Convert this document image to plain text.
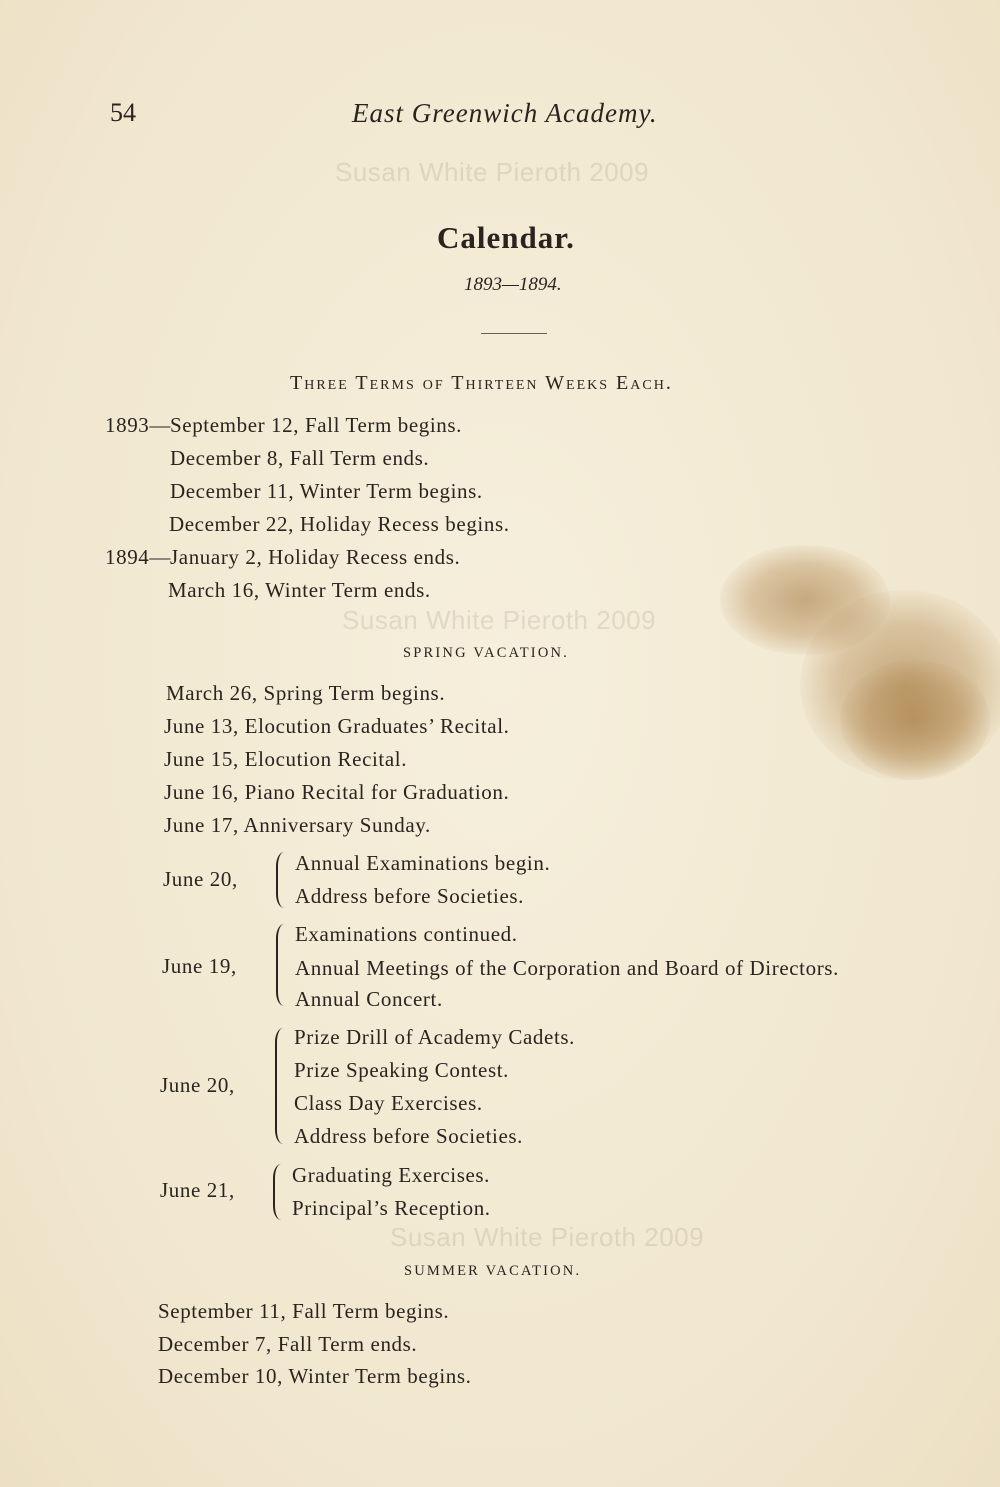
Susan White Pieroth 2009
Susan White Pieroth 2009
Susan White Pieroth 2009
54	East Greenwich Academy.
Calendar.
1893—1894.
Three Terms of Thirteen Weeks Each.
1893— September 12, Fall Term begins.
December 8, Fall Term ends.
December 11, Winter Term begins.
December 22, Holiday Recess begins.
1894— January 2, Holiday Recess ends.
March 16, Winter Term ends.
SPRING VACATION.
March 26, Spring Term begins.
June 13, Elocution Graduates’ Recital.
June 15, Elocution Recital.
June 16, Piano Recital for Graduation.
June 17, Anniversary Sunday.
June 20,
Annual Examinations begin.
Address before Societies.
June 19,
Examinations continued.
Annual Meetings of the Corporation and Board of Directors.
Annual Concert.
June 20,
Prize Drill of Academy Cadets.
Prize Speaking Contest.
Class Day Exercises.
Address before Societies.
June 21,
Graduating Exercises.
Principal’s Reception.
SUMMER VACATION.
September 11, Fall Term begins.
December 7, Fall Term ends.
December 10, Winter Term begins.
